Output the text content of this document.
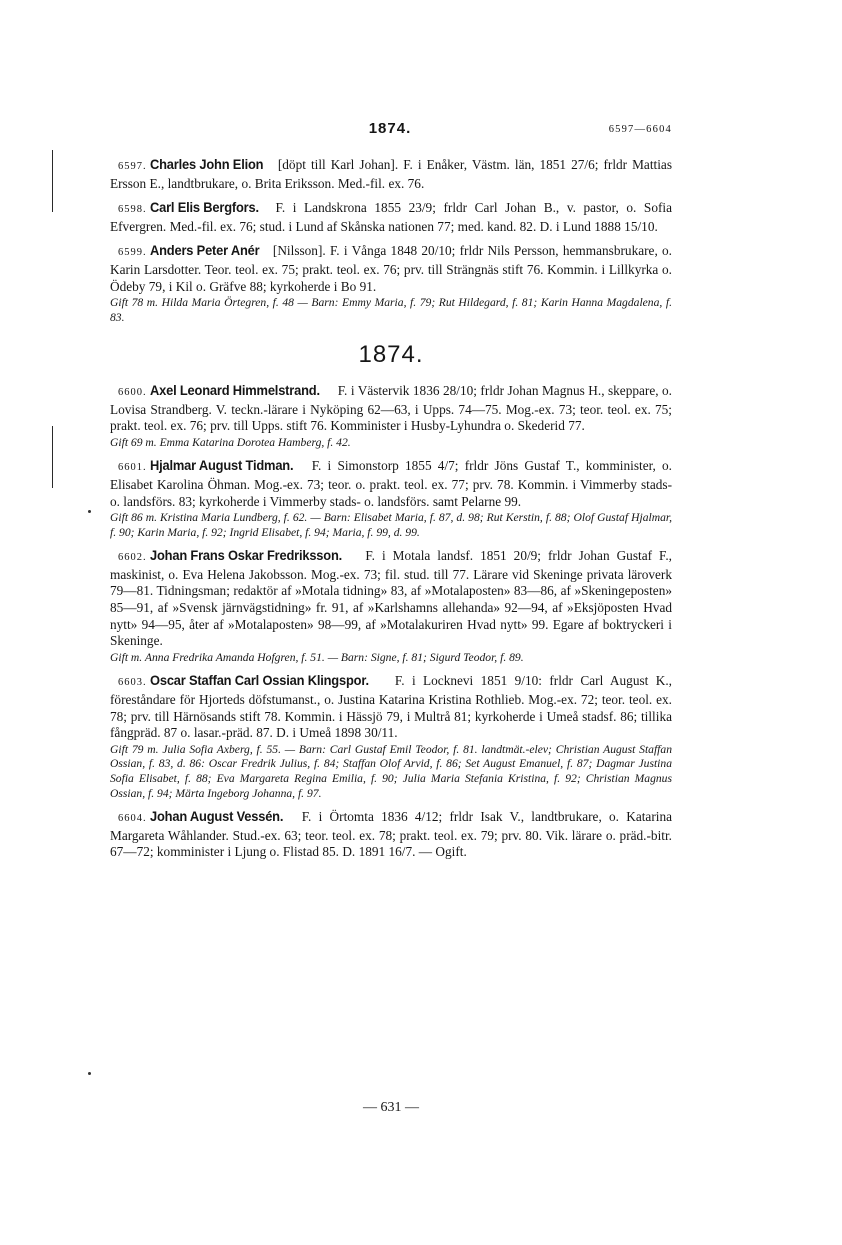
1874.	6597—6604
6597. Charles John Elion [döpt till Karl Johan]. F. i Enåker, Västm. län, 1851 27/6; frldr Mattias Ersson E., landtbrukare, o. Brita Eriksson. Med.-fil. ex. 76.
6598. Carl Elis Bergfors. F. i Landskrona 1855 23/9; frldr Carl Johan B., v. pastor, o. Sofia Efvergren. Med.-fil. ex. 76; stud. i Lund af Skånska nationen 77; med. kand. 82. D. i Lund 1888 15/10.
6599. Anders Peter Anér [Nilsson]. F. i Vånga 1848 20/10; frldr Nils Persson, hemmansbrukare, o. Karin Larsdotter. Teor. teol. ex. 75; prakt. teol. ex. 76; prv. till Strängnäs stift 76. Kommin. i Lillkyrka o. Ödeby 79, i Kil o. Gräfve 88; kyrkoherde i Bo 91.
Gift 78 m. Hilda Maria Örtegren, f. 48 — Barn: Emmy Maria, f. 79; Rut Hildegard, f. 81; Karin Hanna Magdalena, f. 83.
1874.
6600. Axel Leonard Himmelstrand. F. i Västervik 1836 28/10; frldr Johan Magnus H., skeppare, o. Lovisa Strandberg. V. teckn.-lärare i Nyköping 62—63, i Upps. 74—75. Mog.-ex. 73; teor. teol. ex. 75; prakt. teol. ex. 76; prv. till Upps. stift 76. Komminister i Husby-Lyhundra o. Skederid 77.
Gift 69 m. Emma Katarina Dorotea Hamberg, f. 42.
6601. Hjalmar August Tidman. F. i Simonstorp 1855 4/7; frldr Jöns Gustaf T., komminister, o. Elisabet Karolina Öhman. Mog.-ex. 73; teor. o. prakt. teol. ex. 77; prv. 78. Kommin. i Vimmerby stads- o. landsförs. 83; kyrkoherde i Vimmerby stads- o. landsförs. samt Pelarne 99.
Gift 86 m. Kristina Maria Lundberg, f. 62. — Barn: Elisabet Maria, f. 87, d. 98; Rut Kerstin, f. 88; Olof Gustaf Hjalmar, f. 90; Karin Maria, f. 92; Ingrid Elisabet, f. 94; Maria, f. 99, d. 99.
6602. Johan Frans Oskar Fredriksson. F. i Motala landsf. 1851 20/9; frldr Johan Gustaf F., maskinist, o. Eva Helena Jakobsson. Mog.-ex. 73; fil. stud. till 77. Lärare vid Skeninge privata läroverk 79—81. Tidningsman; redaktör af »Motala tidning» 83, af »Motalaposten» 83—86, af »Skeningeposten» 85—91, af »Svensk järnvägstidning» fr. 91, af »Karlshamns allehanda» 92—94, af »Eksjöposten Hvad nytt» 94—95, åter af »Motalaposten» 98—99, af »Motalakuriren Hvad nytt» 99. Egare af boktryckeri i Skeninge.
Gift m. Anna Fredrika Amanda Hofgren, f. 51. — Barn: Signe, f. 81; Sigurd Teodor, f. 89.
6603. Oscar Staffan Carl Ossian Klingspor. F. i Locknevi 1851 9/10: frldr Carl August K., föreståndare för Hjorteds döfstumanst., o. Justina Katarina Kristina Rothlieb. Mog.-ex. 72; teor. teol. ex. 78; prv. till Härnösands stift 78. Kommin. i Hässjö 79, i Multrå 81; kyrkoherde i Umeå stadsf. 86; tillika fångpräd. 87 o. lasar.-präd. 87. D. i Umeå 1898 30/11.
Gift 79 m. Julia Sofia Axberg, f. 55. — Barn: Carl Gustaf Emil Teodor, f. 81. landtmät.-elev; Christian August Staffan Ossian, f. 83, d. 86: Oscar Fredrik Julius, f. 84; Staffan Olof Arvid, f. 86; Set August Emanuel, f. 87; Dagmar Justina Sofia Elisabet, f. 88; Eva Margareta Regina Emilia, f. 90; Julia Maria Stefania Kristina, f. 92; Christian Magnus Ossian, f. 94; Märta Ingeborg Johanna, f. 97.
6604. Johan August Vessén. F. i Örtomta 1836 4/12; frldr Isak V., landtbrukare, o. Katarina Margareta Wåhlander. Stud.-ex. 63; teor. teol. ex. 78; prakt. teol. ex. 79; prv. 80. Vik. lärare o. präd.-bitr. 67—72; komminister i Ljung o. Flistad 85. D. 1891 16/7. — Ogift.
— 631 —
